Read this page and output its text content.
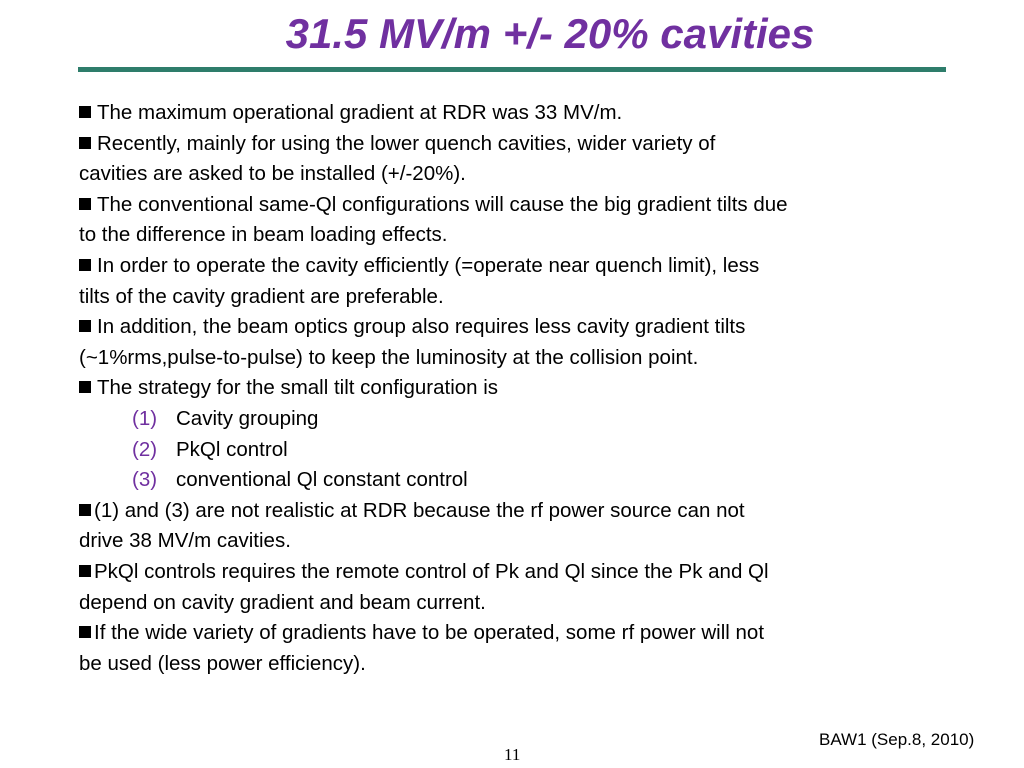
31.5 MV/m +/- 20% cavities
The maximum operational gradient at RDR was 33 MV/m.
Recently, mainly for using the lower quench cavities, wider variety of
cavities are asked to be installed (+/-20%).
The conventional same-Ql configurations will cause the big gradient tilts due
to the difference in beam loading effects.
In order to operate the cavity efficiently (=operate near quench limit), less
tilts of the cavity gradient are preferable.
In addition, the beam optics group also requires less cavity gradient tilts
(~1%rms,pulse-to-pulse) to keep the luminosity at the collision point.
The strategy for the small tilt configuration is
(1) Cavity grouping
(2) PkQl control
(3) conventional Ql constant control
(1) and (3) are not realistic at RDR because the rf power source can not
drive 38 MV/m cavities.
PkQl controls requires the remote control of Pk and Ql since the Pk and Ql
depend on cavity gradient and beam current.
If the wide variety of gradients have to be operated, some rf power will not
be used (less power efficiency).
BAW1 (Sep.8, 2010)
11
